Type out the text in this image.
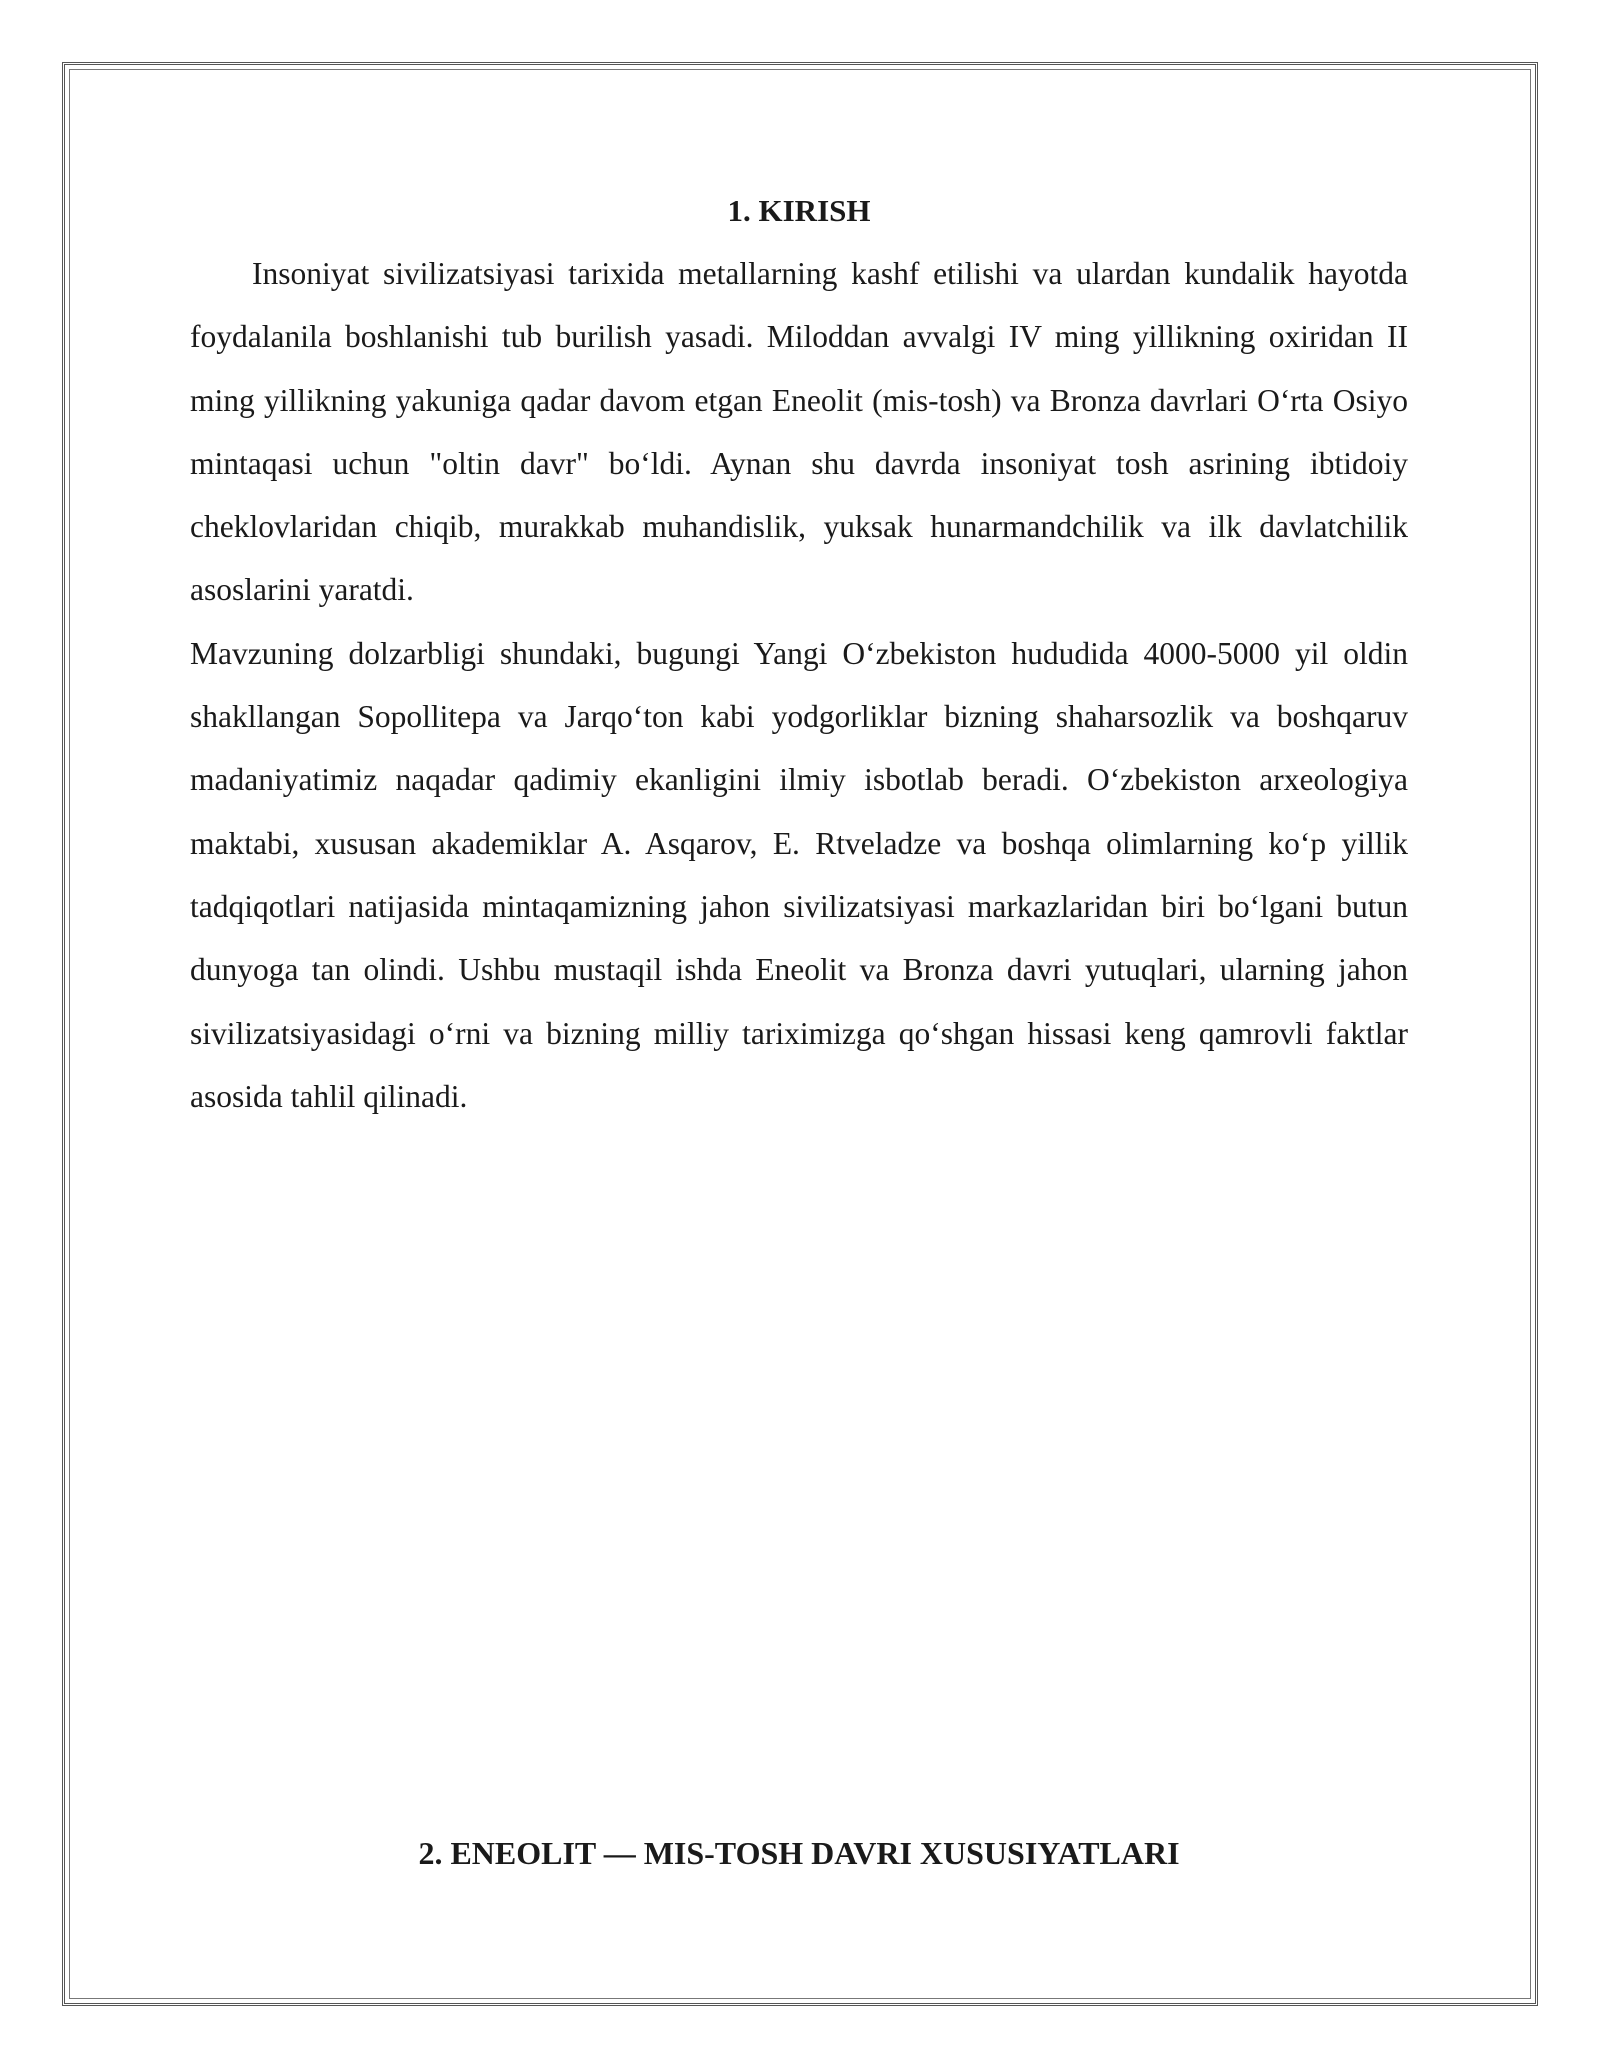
1. KIRISH

Insoniyat sivilizatsiyasi tarixida metallarning kashf etilishi va ulardan kundalik hayotda foydalanila boshlanishi tub burilish yasadi. Miloddan avvalgi IV ming yillikning oxiridan II ming yillikning yakuniga qadar davom etgan Eneolit (mis-tosh) va Bronza davrlari O‘rta Osiyo mintaqasi uchun "oltin davr" bo‘ldi. Aynan shu davrda insoniyat tosh asrining ibtidoiy cheklovlaridan chiqib, murakkab muhandislik, yuksak hunarmandchilik va ilk davlatchilik asoslarini yaratdi.

Mavzuning dolzarbligi shundaki, bugungi Yangi O‘zbekiston hududida 4000-5000 yil oldin shakllangan Sopollitepa va Jarqo‘ton kabi yodgorliklar bizning shaharsozlik va boshqaruv madaniyatimiz naqadar qadimiy ekanligini ilmiy isbotlab beradi. O‘zbekiston arxeologiya maktabi, xususan akademiklar A. Asqarov, E. Rtveladze va boshqa olimlarning ko‘p yillik tadqiqotlari natijasida mintaqamizning jahon sivilizatsiyasi markazlaridan biri bo‘lgani butun dunyoga tan olindi. Ushbu mustaqil ishda Eneolit va Bronza davri yutuqlari, ularning jahon sivilizatsiyasidagi o‘rni va bizning milliy tariximizga qo‘shgan hissasi keng qamrovli faktlar asosida tahlil qilinadi.

2. ENEOLIT — MIS-TOSH DAVRI XUSUSIYATLARI
